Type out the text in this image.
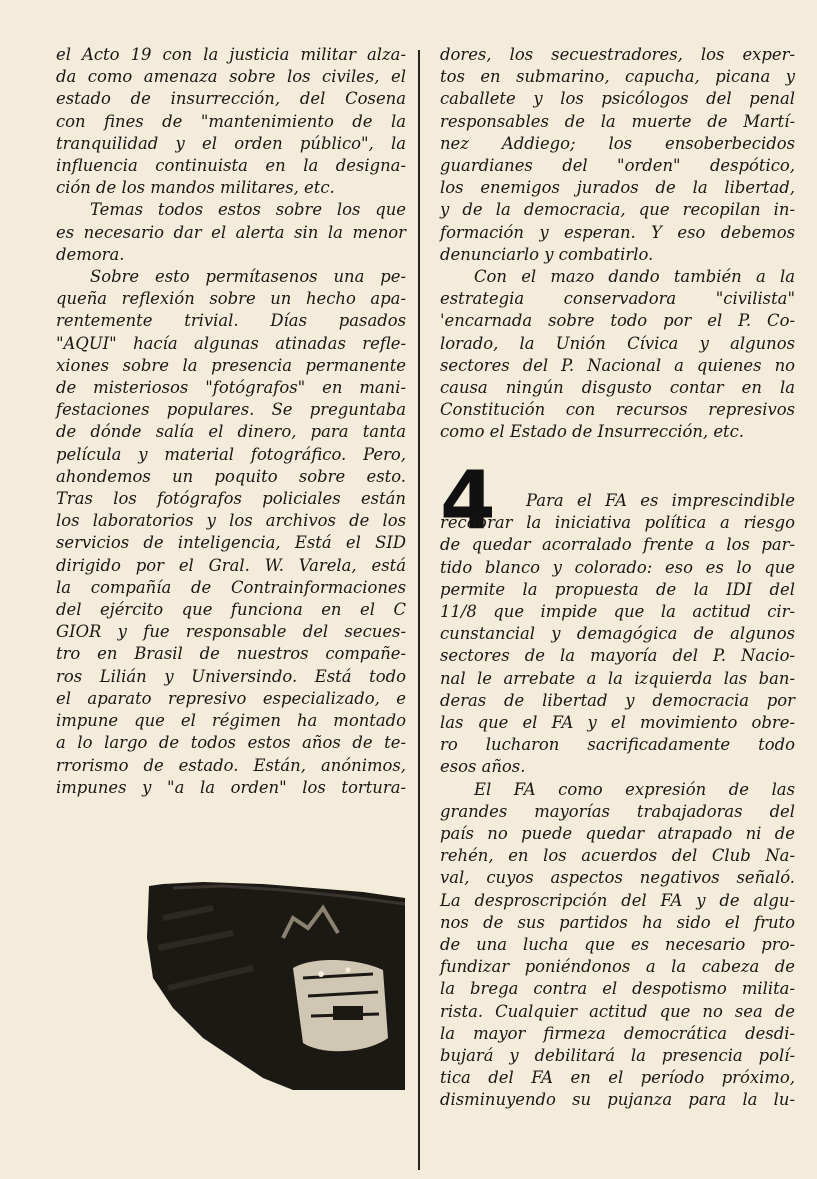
el Acto 19 con la justicia militar alza-
da como amenaza sobre los civiles, el
estado de insurrección, del Cosena
con fines de "mantenimiento de la
tranquilidad y el orden público", la
influencia continuista en la designa-
ción de los mandos militares, etc.
Temas todos estos sobre los que
es necesario dar el alerta sin la menor
demora.
Sobre esto permítasenos una pe-
queña reflexión sobre un hecho apa-
rentemente trivial. Días pasados
"AQUI" hacía algunas atinadas refle-
xiones sobre la presencia permanente
de misteriosos "fotógrafos" en mani-
festaciones populares. Se preguntaba
de dónde salía el dinero, para tanta
película y material fotográfico. Pero,
ahondemos un poquito sobre esto.
Tras los fotógrafos policiales están
los laboratorios y los archivos de los
servicios de inteligencia, Está el SID
dirigido por el Gral. W. Varela, está
la compañía de Contrainformaciones
del ejército que funciona en el C
GIOR y fue responsable del secues-
tro en Brasil de nuestros compañe-
ros Lilián y Universindo. Está todo
el aparato represivo especializado, e
impune que el régimen ha montado
a lo largo de todos estos años de te-
rrorismo de estado. Están, anónimos,
impunes y "a la orden" los tortura-
dores, los secuestradores, los exper-
tos en submarino, capucha, picana y
caballete y los psicólogos del penal
responsables de la muerte de Martí-
nez Addiego; los ensoberbecidos
guardianes del "orden" despótico,
los enemigos jurados de la libertad,
y de la democracia, que recopilan in-
formación y esperan. Y eso debemos
denunciarlo y combatirlo.
Con el mazo dando también a la
estrategia conservadora "civilista"
'encarnada sobre todo por el P. Co-
lorado, la Unión Cívica y algunos
sectores del P. Nacional a quienes no
causa ningún disgusto contar en la
Constitución con recursos represivos
como el Estado de Insurrección, etc.
4	Para el FA es imprescindible
recobrar la iniciativa política a riesgo
de quedar acorralado frente a los par-
tido blanco y colorado: eso es lo que
permite la propuesta de la IDI del
11/8 que impide que la actitud cir-
cunstancial y demagógica de algunos
sectores de la mayoría del P. Nacio-
nal le arrebate a la izquierda las ban-
deras de libertad y democracia por
las que el FA y el movimiento obre-
ro lucharon sacrificadamente todo
esos años.
El FA como expresión de las
grandes mayorías trabajadoras del
país no puede quedar atrapado ni de
rehén, en los acuerdos del Club Na-
val, cuyos aspectos negativos señaló.
La desproscripción del FA y de algu-
nos de sus partidos ha sido el fruto
de una lucha que es necesario pro-
fundizar poniéndonos a la cabeza de
la brega contra el despotismo milita-
rista. Cualquier actitud que no sea de
la mayor firmeza democrática desdi-
bujará y debilitará la presencia polí-
tica del FA en el período próximo,
disminuyendo su pujanza para la lu-
